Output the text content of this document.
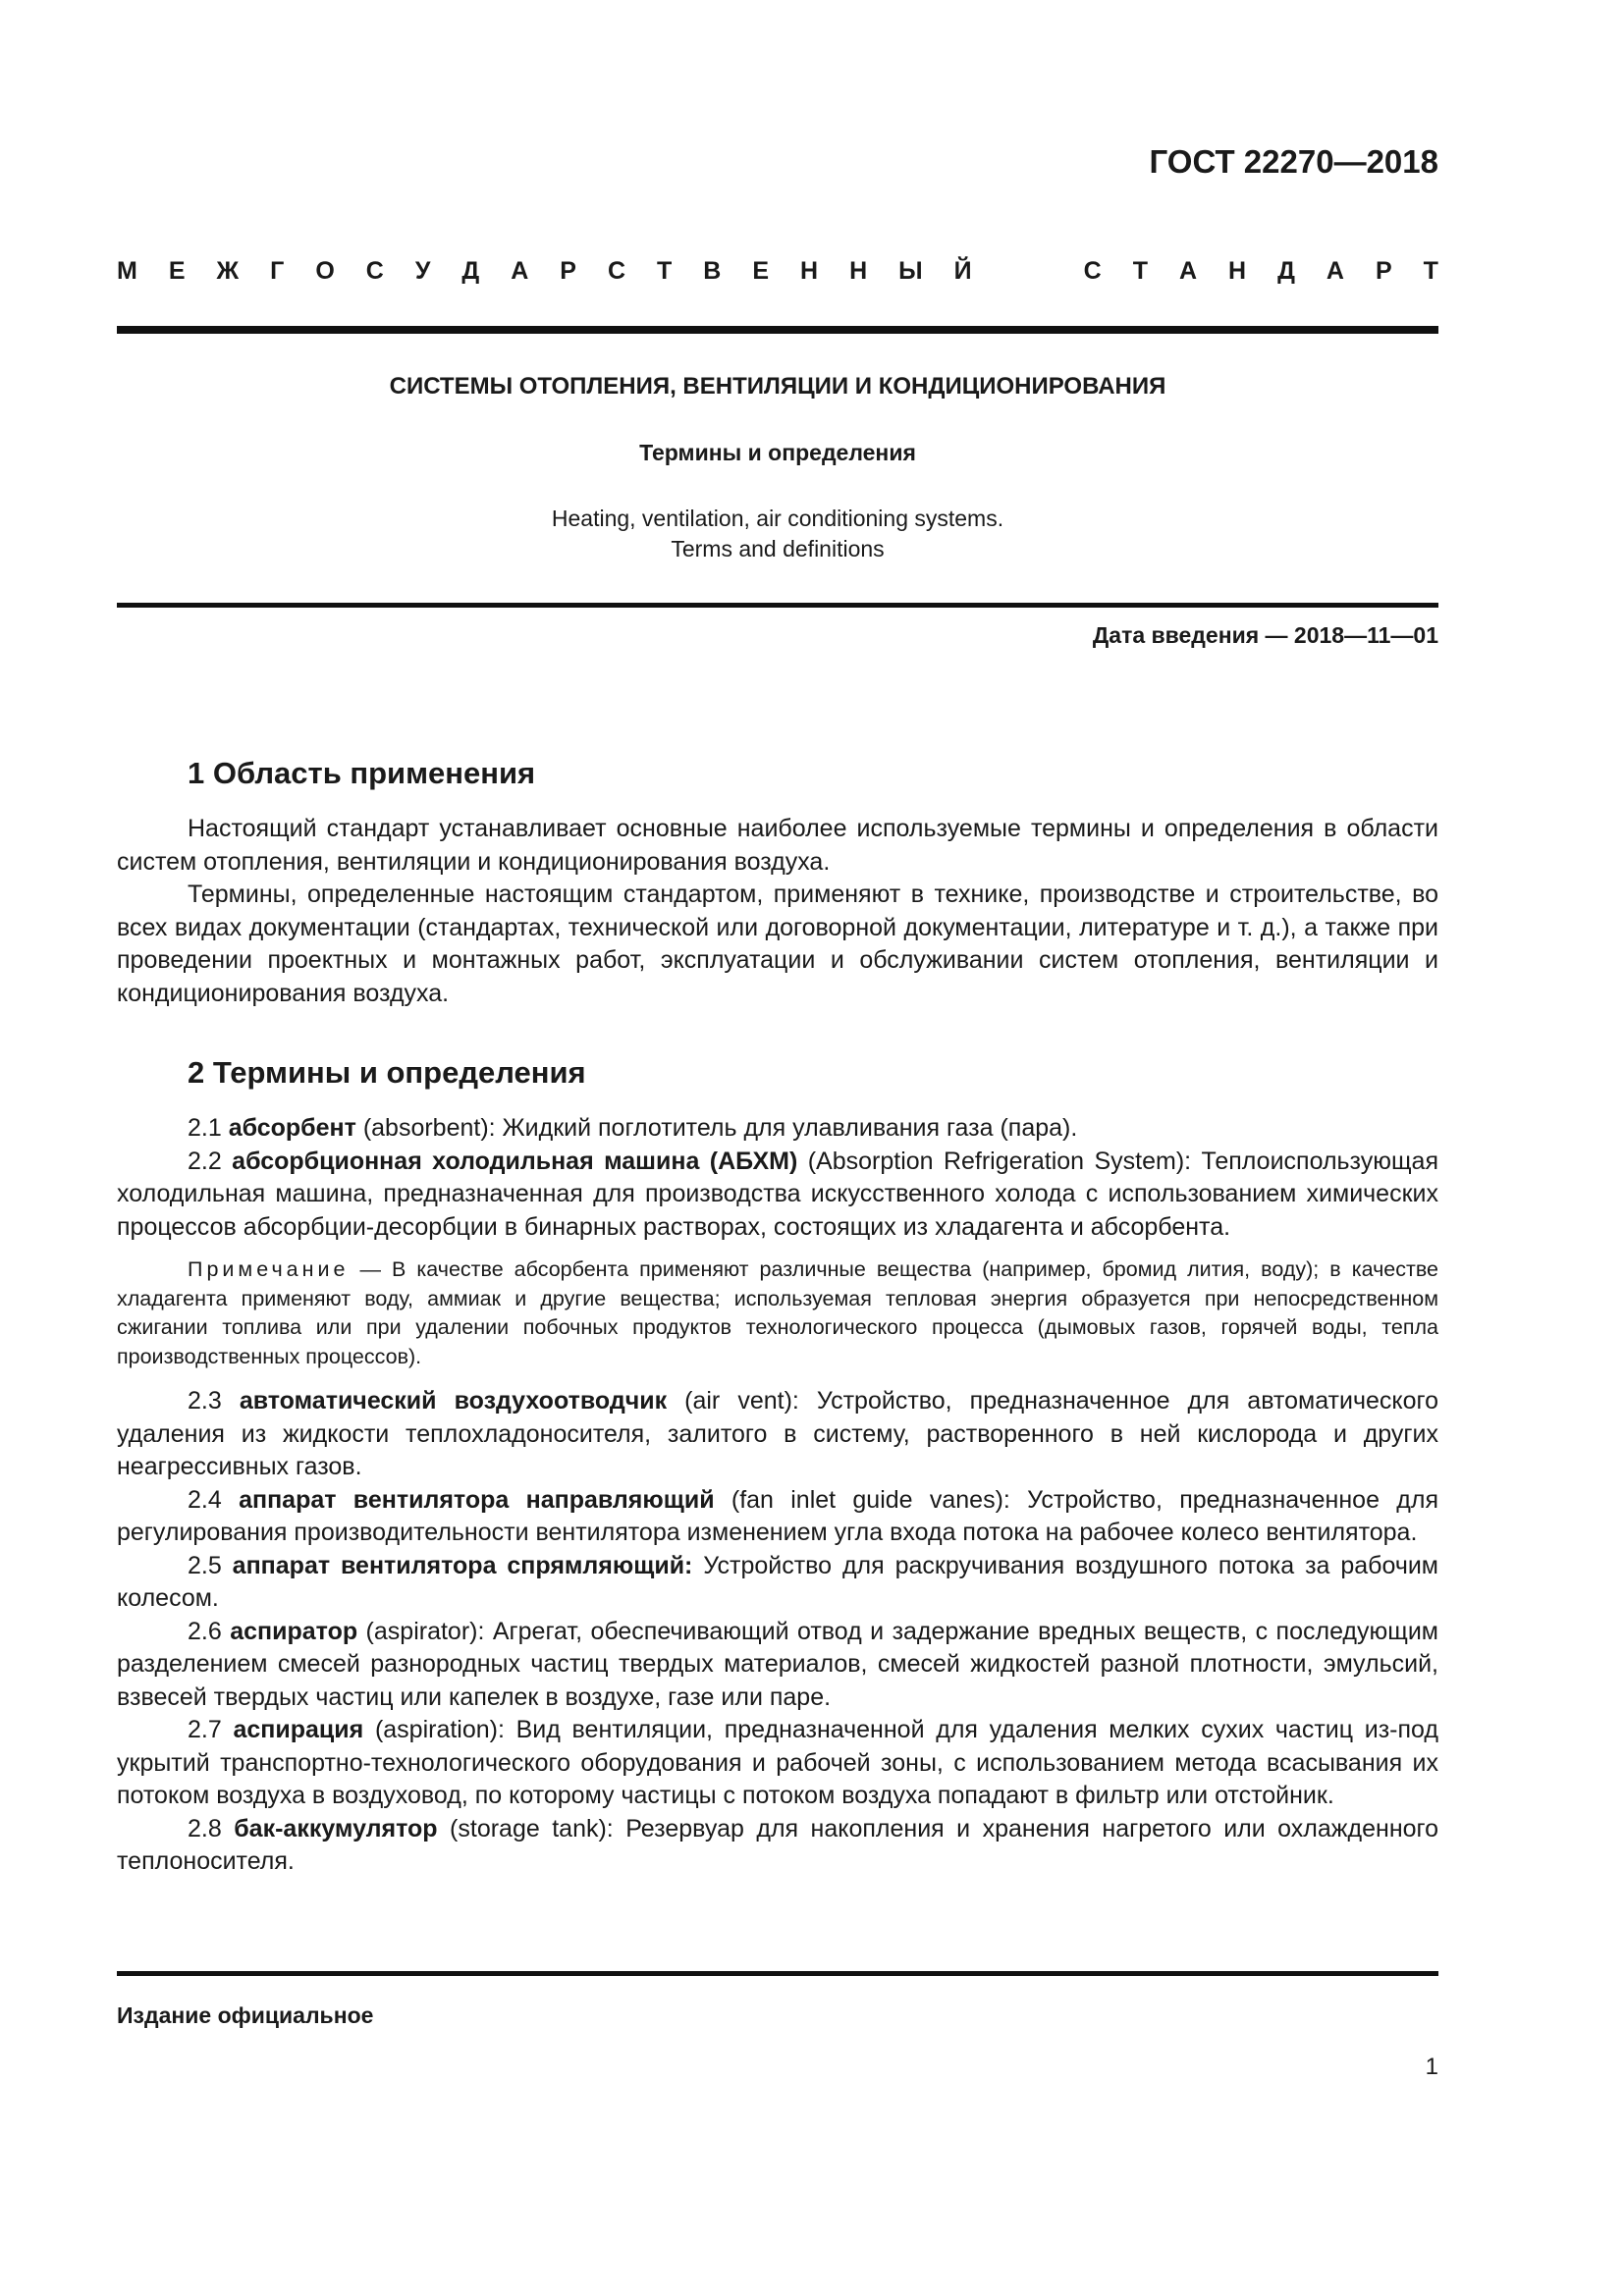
ГОСТ 22270—2018
М Е Ж Г О С У Д А Р С Т В Е Н Н Ы Й	С Т А Н Д А Р Т
СИСТЕМЫ ОТОПЛЕНИЯ, ВЕНТИЛЯЦИИ И КОНДИЦИОНИРОВАНИЯ
Термины и определения
Heating, ventilation, air conditioning systems.
Terms and definitions
Дата введения — 2018—11—01
1 Область применения

Настоящий стандарт устанавливает основные наиболее используемые термины и определения в области систем отопления, вентиляции и кондиционирования воздуха.

Термины, определенные настоящим стандартом, применяют в технике, производстве и строительстве, во всех видах документации (стандартах, технической или договорной документации, литературе и т. д.), а также при проведении проектных и монтажных работ, эксплуатации и обслуживании систем отопления, вентиляции и кондиционирования воздуха.

2 Термины и определения

2.1 абсорбент (absorbent): Жидкий поглотитель для улавливания газа (пара).

2.2 абсорбционная холодильная машина (АБХМ) (Absorption Refrigeration System): Теплоиспользующая холодильная машина, предназначенная для производства искусственного холода с использованием химических процессов абсорбции-десорбции в бинарных растворах, состоящих из хладагента и абсорбента.

Примечание — В качестве абсорбента применяют различные вещества (например, бромид лития, воду); в качестве хладагента применяют воду, аммиак и другие вещества; используемая тепловая энергия образуется при непосредственном сжигании топлива или при удалении побочных продуктов технологического процесса (дымовых газов, горячей воды, тепла производственных процессов).

2.3 автоматический воздухоотводчик (air vent): Устройство, предназначенное для автоматического удаления из жидкости теплохладоносителя, залитого в систему, растворенного в ней кислорода и других неагрессивных газов.

2.4 аппарат вентилятора направляющий (fan inlet guide vanes): Устройство, предназначенное для регулирования производительности вентилятора изменением угла входа потока на рабочее колесо вентилятора.

2.5 аппарат вентилятора спрямляющий: Устройство для раскручивания воздушного потока за рабочим колесом.

2.6 аспиратор (aspirator): Агрегат, обеспечивающий отвод и задержание вредных веществ, с последующим разделением смесей разнородных частиц твердых материалов, смесей жидкостей разной плотности, эмульсий, взвесей твердых частиц или капелек в воздухе, газе или паре.

2.7 аспирация (aspiration): Вид вентиляции, предназначенной для удаления мелких сухих частиц из-под укрытий транспортно-технологического оборудования и рабочей зоны, с использованием метода всасывания их потоком воздуха в воздуховод, по которому частицы с потоком воздуха попадают в фильтр или отстойник.

2.8 бак-аккумулятор (storage tank): Резервуар для накопления и хранения нагретого или охлажденного теплоносителя.

Издание официальное
1
